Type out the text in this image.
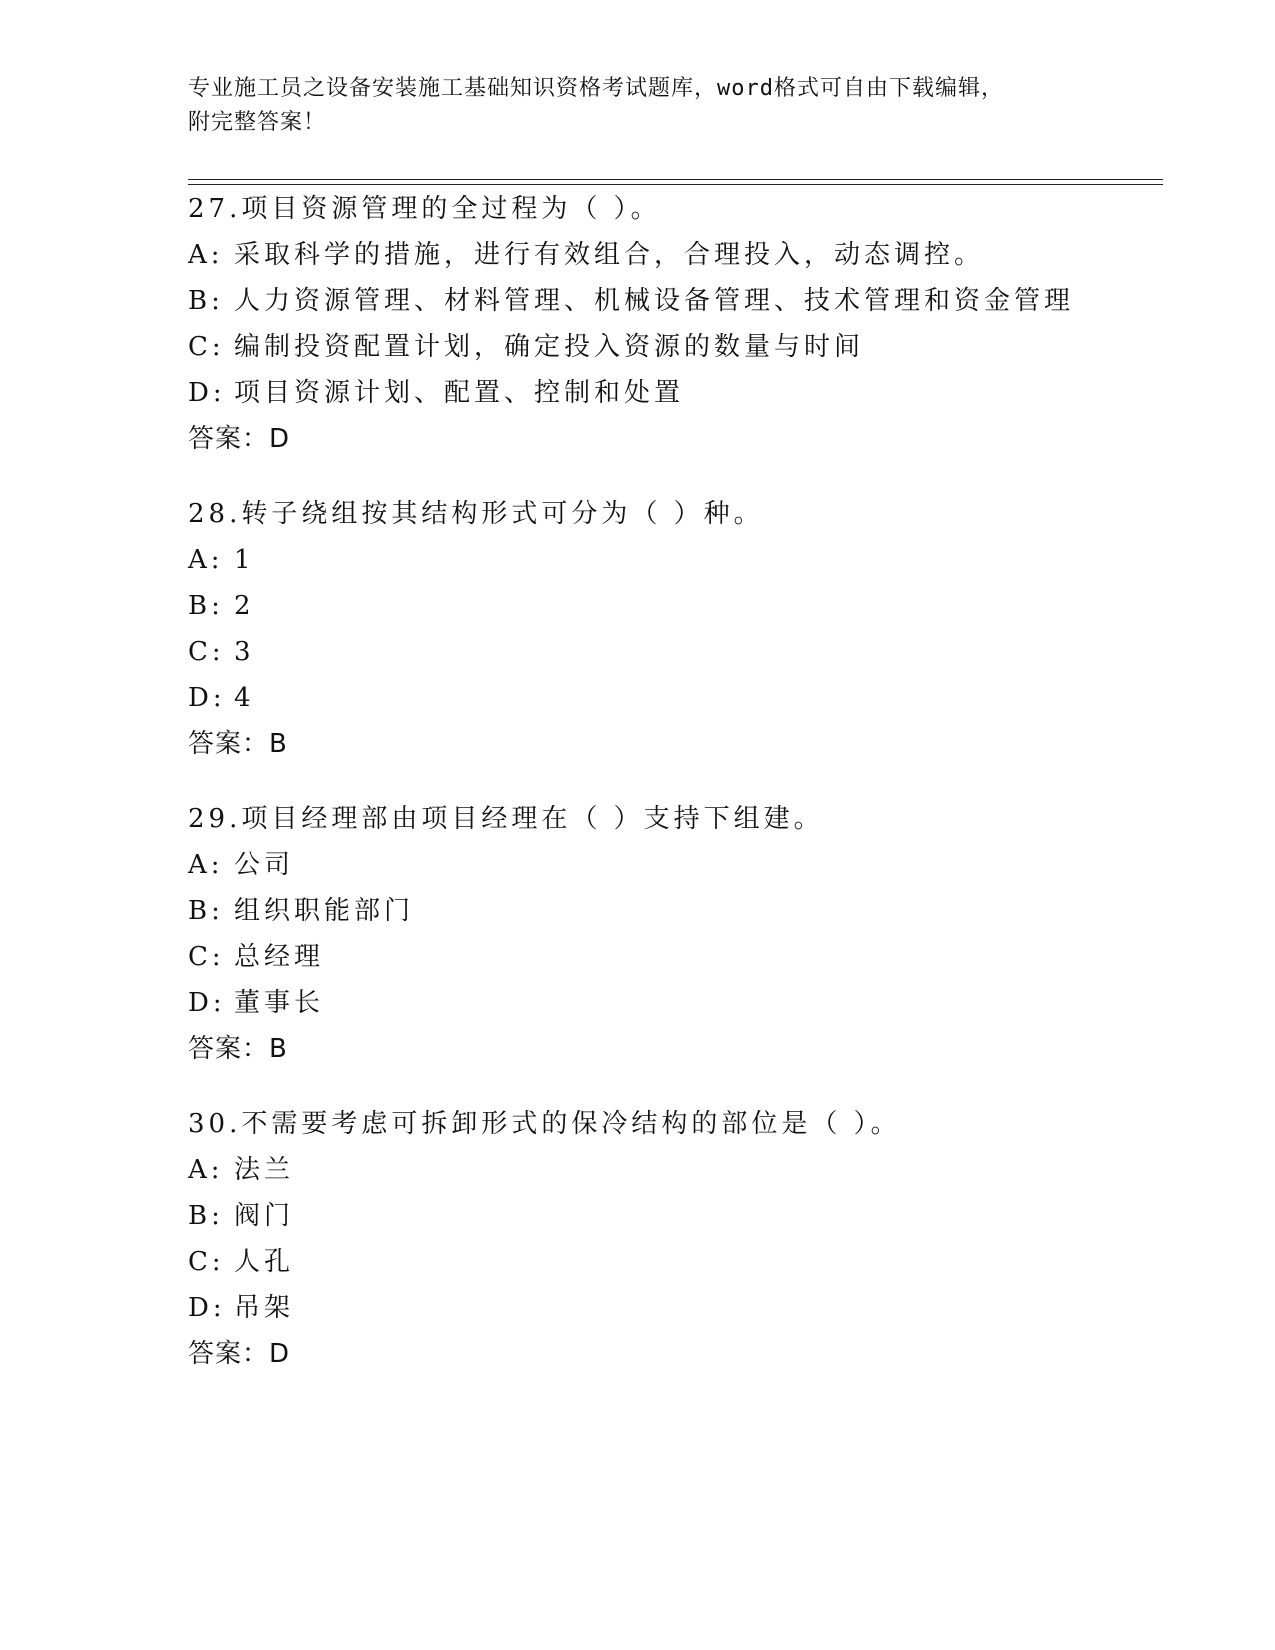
专业施工员之设备安装施工基础知识资格考试题库，word格式可自由下载编辑，
附完整答案！
27.项目资源管理的全过程为（ ）。
A: 采取科学的措施，进行有效组合，合理投入，动态调控。
B: 人力资源管理、材料管理、机械设备管理、技术管理和资金管理
C: 编制投资配置计划，确定投入资源的数量与时间
D: 项目资源计划、配置、控制和处置
答案：D
28.转子绕组按其结构形式可分为（ ）种。
A: 1
B: 2
C: 3
D: 4
答案：B
29.项目经理部由项目经理在（ ）支持下组建。
A: 公司
B: 组织职能部门
C: 总经理
D: 董事长
答案：B
30.不需要考虑可拆卸形式的保冷结构的部位是（ ）。
A: 法兰
B: 阀门
C: 人孔
D: 吊架
答案：D
